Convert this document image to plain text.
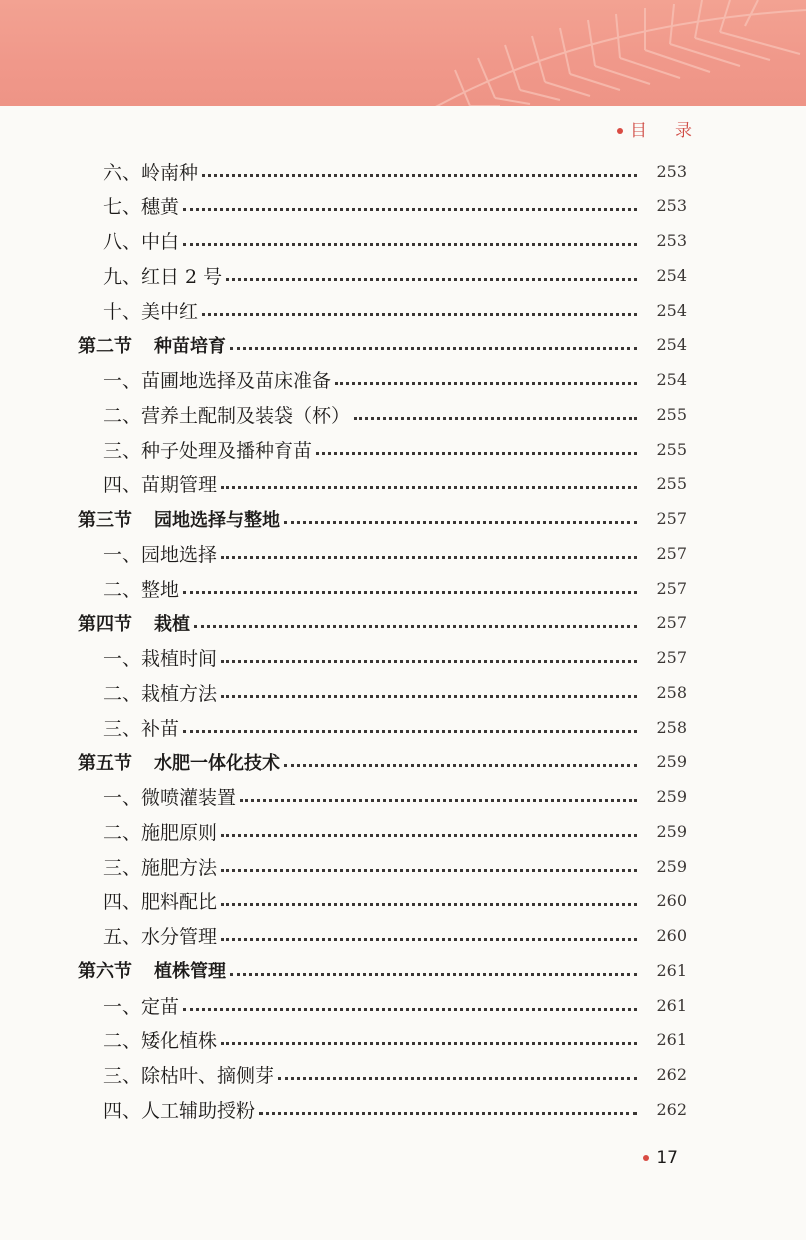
目 录
六、岭南种	253
七、穗黄	253
八、中白	253
九、红日 2 号	254
十、美中红	254
第二节 种苗培育	254
一、苗圃地选择及苗床准备	254
二、营养土配制及装袋（杯）	255
三、种子处理及播种育苗	255
四、苗期管理	255
第三节 园地选择与整地	257
一、园地选择	257
二、整地	257
第四节 栽植	257
一、栽植时间	257
二、栽植方法	258
三、补苗	258
第五节 水肥一体化技术	259
一、微喷灌装置	259
二、施肥原则	259
三、施肥方法	259
四、肥料配比	260
五、水分管理	260
第六节 植株管理	261
一、定苗	261
二、矮化植株	261
三、除枯叶、摘侧芽	262
四、人工辅助授粉	262
17
